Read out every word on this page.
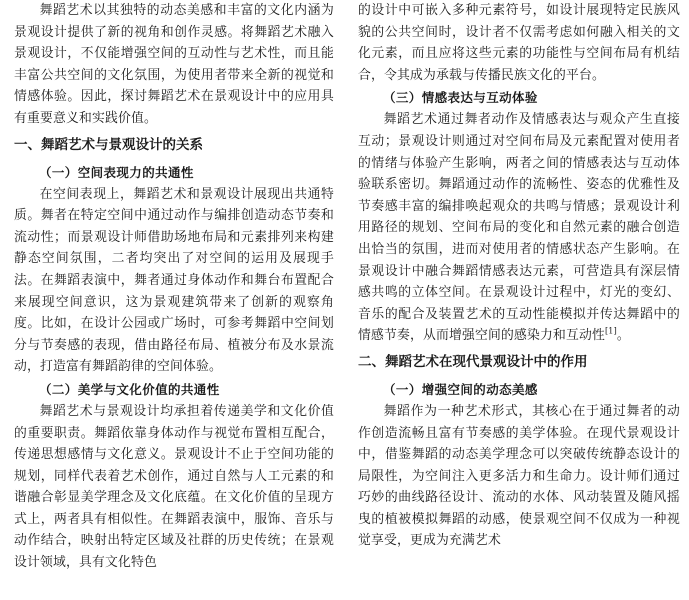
舞蹈艺术以其独特的动态美感和丰富的文化内涵为景观设计提供了新的视角和创作灵感。将舞蹈艺术融入景观设计，不仅能增强空间的互动性与艺术性，而且能丰富公共空间的文化氛围，为使用者带来全新的视觉和情感体验。因此，探讨舞蹈艺术在景观设计中的应用具有重要意义和实践价值。

一、舞蹈艺术与景观设计的关系
（一）空间表现力的共通性

在空间表现上，舞蹈艺术和景观设计展现出共通特质。舞者在特定空间中通过动作与编排创造动态节奏和流动性；而景观设计师借助场地布局和元素排列来构建静态空间氛围，二者均突出了对空间的运用及展现手法。在舞蹈表演中，舞者通过身体动作和舞台布置配合来展现空间意识，这为景观建筑带来了创新的观察角度。比如，在设计公园或广场时，可参考舞蹈中空间划分与节奏感的表现，借由路径布局、植被分布及水景流动，打造富有舞蹈韵律的空间体验。

（二）美学与文化价值的共通性

舞蹈艺术与景观设计均承担着传递美学和文化价值的重要职责。舞蹈依靠身体动作与视觉布置相互配合，传递思想感情与文化意义。景观设计不止于空间功能的规划，同样代表着艺术创作，通过自然与人工元素的和谐融合彰显美学理念及文化底蕴。在文化价值的呈现方式上，两者具有相似性。在舞蹈表演中，服饰、音乐与动作结合，映射出特定区域及社群的历史传统；在景观设计领域，具有文化特色

的设计中可嵌入多种元素符号，如设计展现特定民族风貌的公共空间时，设计者不仅需考虑如何融入相关的文化元素，而且应将这些元素的功能性与空间布局有机结合，令其成为承载与传播民族文化的平台。

（三）情感表达与互动体验

舞蹈艺术通过舞者动作及情感表达与观众产生直接互动；景观设计则通过对空间布局及元素配置对使用者的情绪与体验产生影响，两者之间的情感表达与互动体验联系密切。舞蹈通过动作的流畅性、姿态的优雅性及节奏感丰富的编排唤起观众的共鸣与情感；景观设计利用路径的规划、空间布局的变化和自然元素的融合创造出恰当的氛围，进而对使用者的情感状态产生影响。在景观设计中融合舞蹈情感表达元素，可营造具有深层情感共鸣的立体空间。在景观设计过程中，灯光的变幻、音乐的配合及装置艺术的互动性能模拟并传达舞蹈中的情感节奏，从而增强空间的感染力和互动性[1]。

二、舞蹈艺术在现代景观设计中的作用
（一）增强空间的动态美感

舞蹈作为一种艺术形式，其核心在于通过舞者的动作创造流畅且富有节奏感的美学体验。在现代景观设计中，借鉴舞蹈的动态美学理念可以突破传统静态设计的局限性，为空间注入更多活力和生命力。设计师们通过巧妙的曲线路径设计、流动的水体、风动装置及随风摇曳的植被模拟舞蹈的动感，使景观空间不仅成为一种视觉享受，更成为充满艺术
